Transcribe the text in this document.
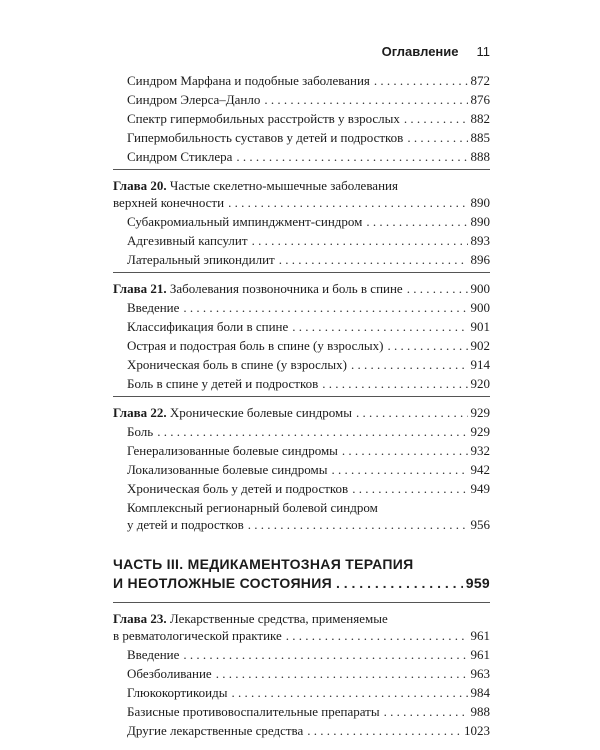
Оглавление 11
Синдром Марфана и подобные заболевания . . .	872
Синдром Элерса–Данло . . .	876
Спектр гипермобильных расстройств у взрослых . . .	882
Гипермобильность суставов у детей и подростков . . .	885
Синдром Стиклера . . .	888
Глава 20. Частые скелетно-мышечные заболевания
верхней конечности . . .	890
Субакромиальный импинджмент-синдром . . .	890
Адгезивный капсулит . . .	893
Латеральный эпикондилит . . .	896
Глава 21.
Заболевания позвоночника и боль в спине . . .	900
Введение . . .	900
Классификация боли в спине . . .	901
Острая и подострая боль в спине (у взрослых) . . .	902
Хроническая боль в спине (у взрослых) . . .	914
Боль в спине у детей и подростков . . .	920
Глава 22.
Хронические болевые синдромы . . .	929
Боль . . .	929
Генерализованные болевые синдромы . . .	932
Локализованные болевые синдромы . . .	942
Хроническая боль у детей и подростков . . .	949
Комплексный регионарный болевой синдром
у детей и подростков . . .	956
ЧАСТЬ III. МЕДИКАМЕНТОЗНАЯ ТЕРАПИЯ
И НЕОТЛОЖНЫЕ СОСТОЯНИЯ . . .	959
Глава 23. Лекарственные средства, применяемые
в ревматологической практике . . .	961
Введение . . .	961
Обезболивание . . .	963
Глюкокортикоиды . . .	984
Базисные противовоспалительные препараты . . .	988
Другие лекарственные средства . . .	1023
